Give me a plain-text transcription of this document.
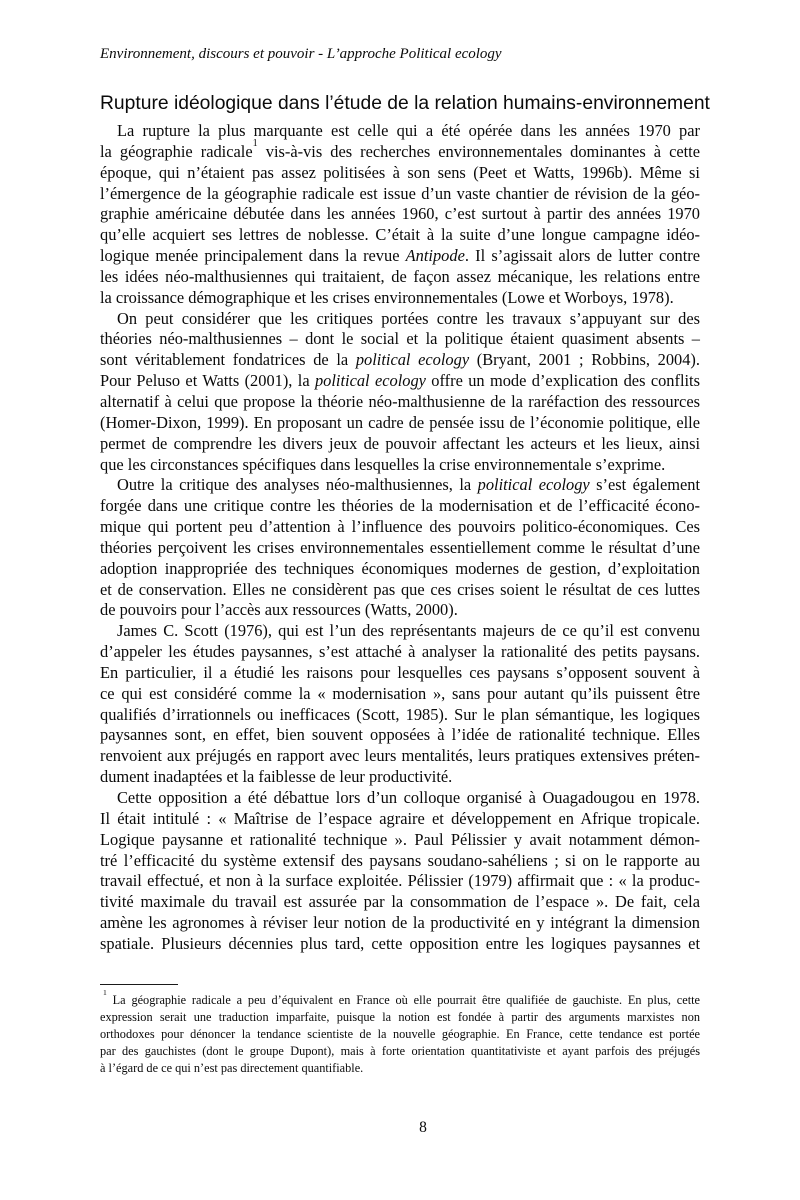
Environnement, discours et pouvoir - L’approche Political ecology
Rupture idéologique dans l’étude de la relation humains-environnement
La rupture la plus marquante est celle qui a été opérée dans les années 1970 par
la géographie radicale$^1$ vis-à-vis des recherches environnementales dominantes à cette
époque, qui n’étaient pas assez politisées à son sens (Peet et Watts, 1996b). Même si
l’émergence de la géographie radicale est issue d’un vaste chantier de révision de la géo-
graphie américaine débutée dans les années 1960, c’est surtout à partir des années 1970
qu’elle acquiert ses lettres de noblesse. C’était à la suite d’une longue campagne idéo-
logique menée principalement dans la revue Antipode. Il s’agissait alors de lutter contre
les idées néo-malthusiennes qui traitaient, de façon assez mécanique, les relations entre
la croissance démographique et les crises environnementales (Lowe et Worboys, 1978).
On peut considérer que les critiques portées contre les travaux s’appuyant sur des
théories néo-malthusiennes – dont le social et la politique étaient quasiment absents –
sont véritablement fondatrices de la political ecology (Bryant, 2001 ; Robbins, 2004).
Pour Peluso et Watts (2001), la political ecology offre un mode d’explication des conflits
alternatif à celui que propose la théorie néo-malthusienne de la raréfaction des ressources
(Homer-Dixon, 1999). En proposant un cadre de pensée issu de l’économie politique, elle
permet de comprendre les divers jeux de pouvoir affectant les acteurs et les lieux, ainsi
que les circonstances spécifiques dans lesquelles la crise environnementale s’exprime.
Outre la critique des analyses néo-malthusiennes, la political ecology s’est également
forgée dans une critique contre les théories de la modernisation et de l’efficacité écono-
mique qui portent peu d’attention à l’influence des pouvoirs politico-économiques. Ces
théories perçoivent les crises environnementales essentiellement comme le résultat d’une
adoption inappropriée des techniques économiques modernes de gestion, d’exploitation
et de conservation. Elles ne considèrent pas que ces crises soient le résultat de ces luttes
de pouvoirs pour l’accès aux ressources (Watts, 2000).
James C. Scott (1976), qui est l’un des représentants majeurs de ce qu’il est convenu
d’appeler les études paysannes, s’est attaché à analyser la rationalité des petits paysans.
En particulier, il a étudié les raisons pour lesquelles ces paysans s’opposent souvent à
ce qui est considéré comme la « modernisation », sans pour autant qu’ils puissent être
qualifiés d’irrationnels ou inefficaces (Scott, 1985). Sur le plan sémantique, les logiques
paysannes sont, en effet, bien souvent opposées à l’idée de rationalité technique. Elles
renvoient aux préjugés en rapport avec leurs mentalités, leurs pratiques extensives préten-
dument inadaptées et la faiblesse de leur productivité.
Cette opposition a été débattue lors d’un colloque organisé à Ouagadougou en 1978.
Il était intitulé : « Maîtrise de l’espace agraire et développement en Afrique tropicale.
Logique paysanne et rationalité technique ». Paul Pélissier y avait notamment démon-
tré l’efficacité du système extensif des paysans soudano-sahéliens ; si on le rapporte au
travail effectué, et non à la surface exploitée. Pélissier (1979) affirmait que : « la produc-
tivité maximale du travail est assurée par la consommation de l’espace ». De fait, cela
amène les agronomes à réviser leur notion de la productivité en y intégrant la dimension
spatiale. Plusieurs décennies plus tard, cette opposition entre les logiques paysannes et
$^1$ La géographie radicale a peu d’équivalent en France où elle pourrait être qualifiée de gauchiste. En plus, cette
expression serait une traduction imparfaite, puisque la notion est fondée à partir des arguments marxistes non
orthodoxes pour dénoncer la tendance scientiste de la nouvelle géographie. En France, cette tendance est portée
par des gauchistes (dont le groupe Dupont), mais à forte orientation quantitativiste et ayant parfois des préjugés
à l’égard de ce qui n’est pas directement quantifiable.
8
